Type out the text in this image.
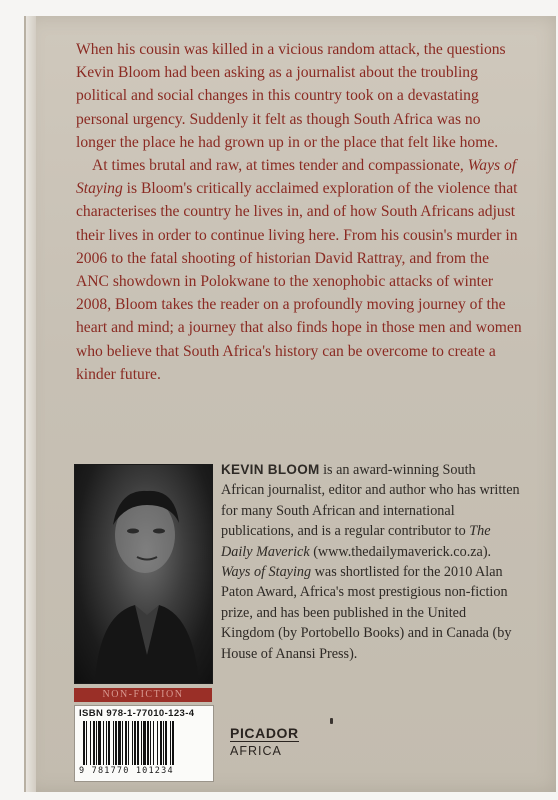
When his cousin was killed in a vicious random attack, the questions Kevin Bloom had been asking as a journalist about the troubling political and social changes in this country took on a devastating personal urgency. Suddenly it felt as though South Africa was no longer the place he had grown up in or the place that felt like home.

At times brutal and raw, at times tender and compassionate, Ways of Staying is Bloom's critically acclaimed exploration of the violence that characterises the country he lives in, and of how South Africans adjust their lives in order to continue living here. From his cousin's murder in 2006 to the fatal shooting of historian David Rattray, and from the ANC showdown in Polokwane to the xenophobic attacks of winter 2008, Bloom takes the reader on a profoundly moving journey of the heart and mind; a journey that also finds hope in those men and women who believe that South Africa's history can be overcome to create a kinder future.

KEVIN BLOOM is an award-winning South African journalist, editor and author who has written for many South African and international publications, and is a regular contributor to The Daily Maverick (www.thedailymaverick.co.za).

Ways of Staying was shortlisted for the 2010 Alan Paton Award, Africa's most prestigious non-fiction prize, and has been published in the United Kingdom (by Portobello Books) and in Canada (by House of Anansi Press).

NON-FICTION
ISBN 978-1-77010-123-4
9 781770 101234
PICADOR
AFRICA
